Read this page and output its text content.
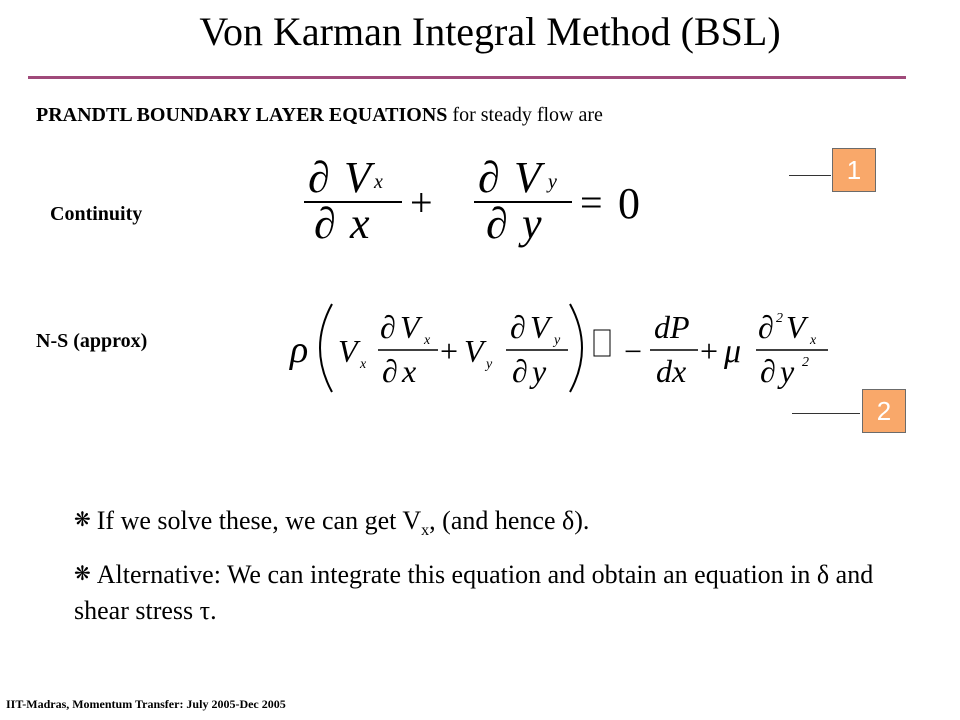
Von Karman Integral Method (BSL)
PRANDTL BOUNDARY LAYER EQUATIONS for steady flow are
Continuity
N-S (approx)
1
2
∂ V x
∂ x +
∂ V y
∂ y = 0
ρ V x
∂ V x
∂ x
+ V y
∂ V y
∂ y
−
dP
dx
+ μ
∂ 2 V x
∂ y 2
❋ If we solve these, we can get $V_x$, (and hence δ).
❋ Alternative: We can integrate this equation and obtain an equation in δ and shear stress τ.
IIT-Madras, Momentum Transfer: July 2005-Dec 2005
